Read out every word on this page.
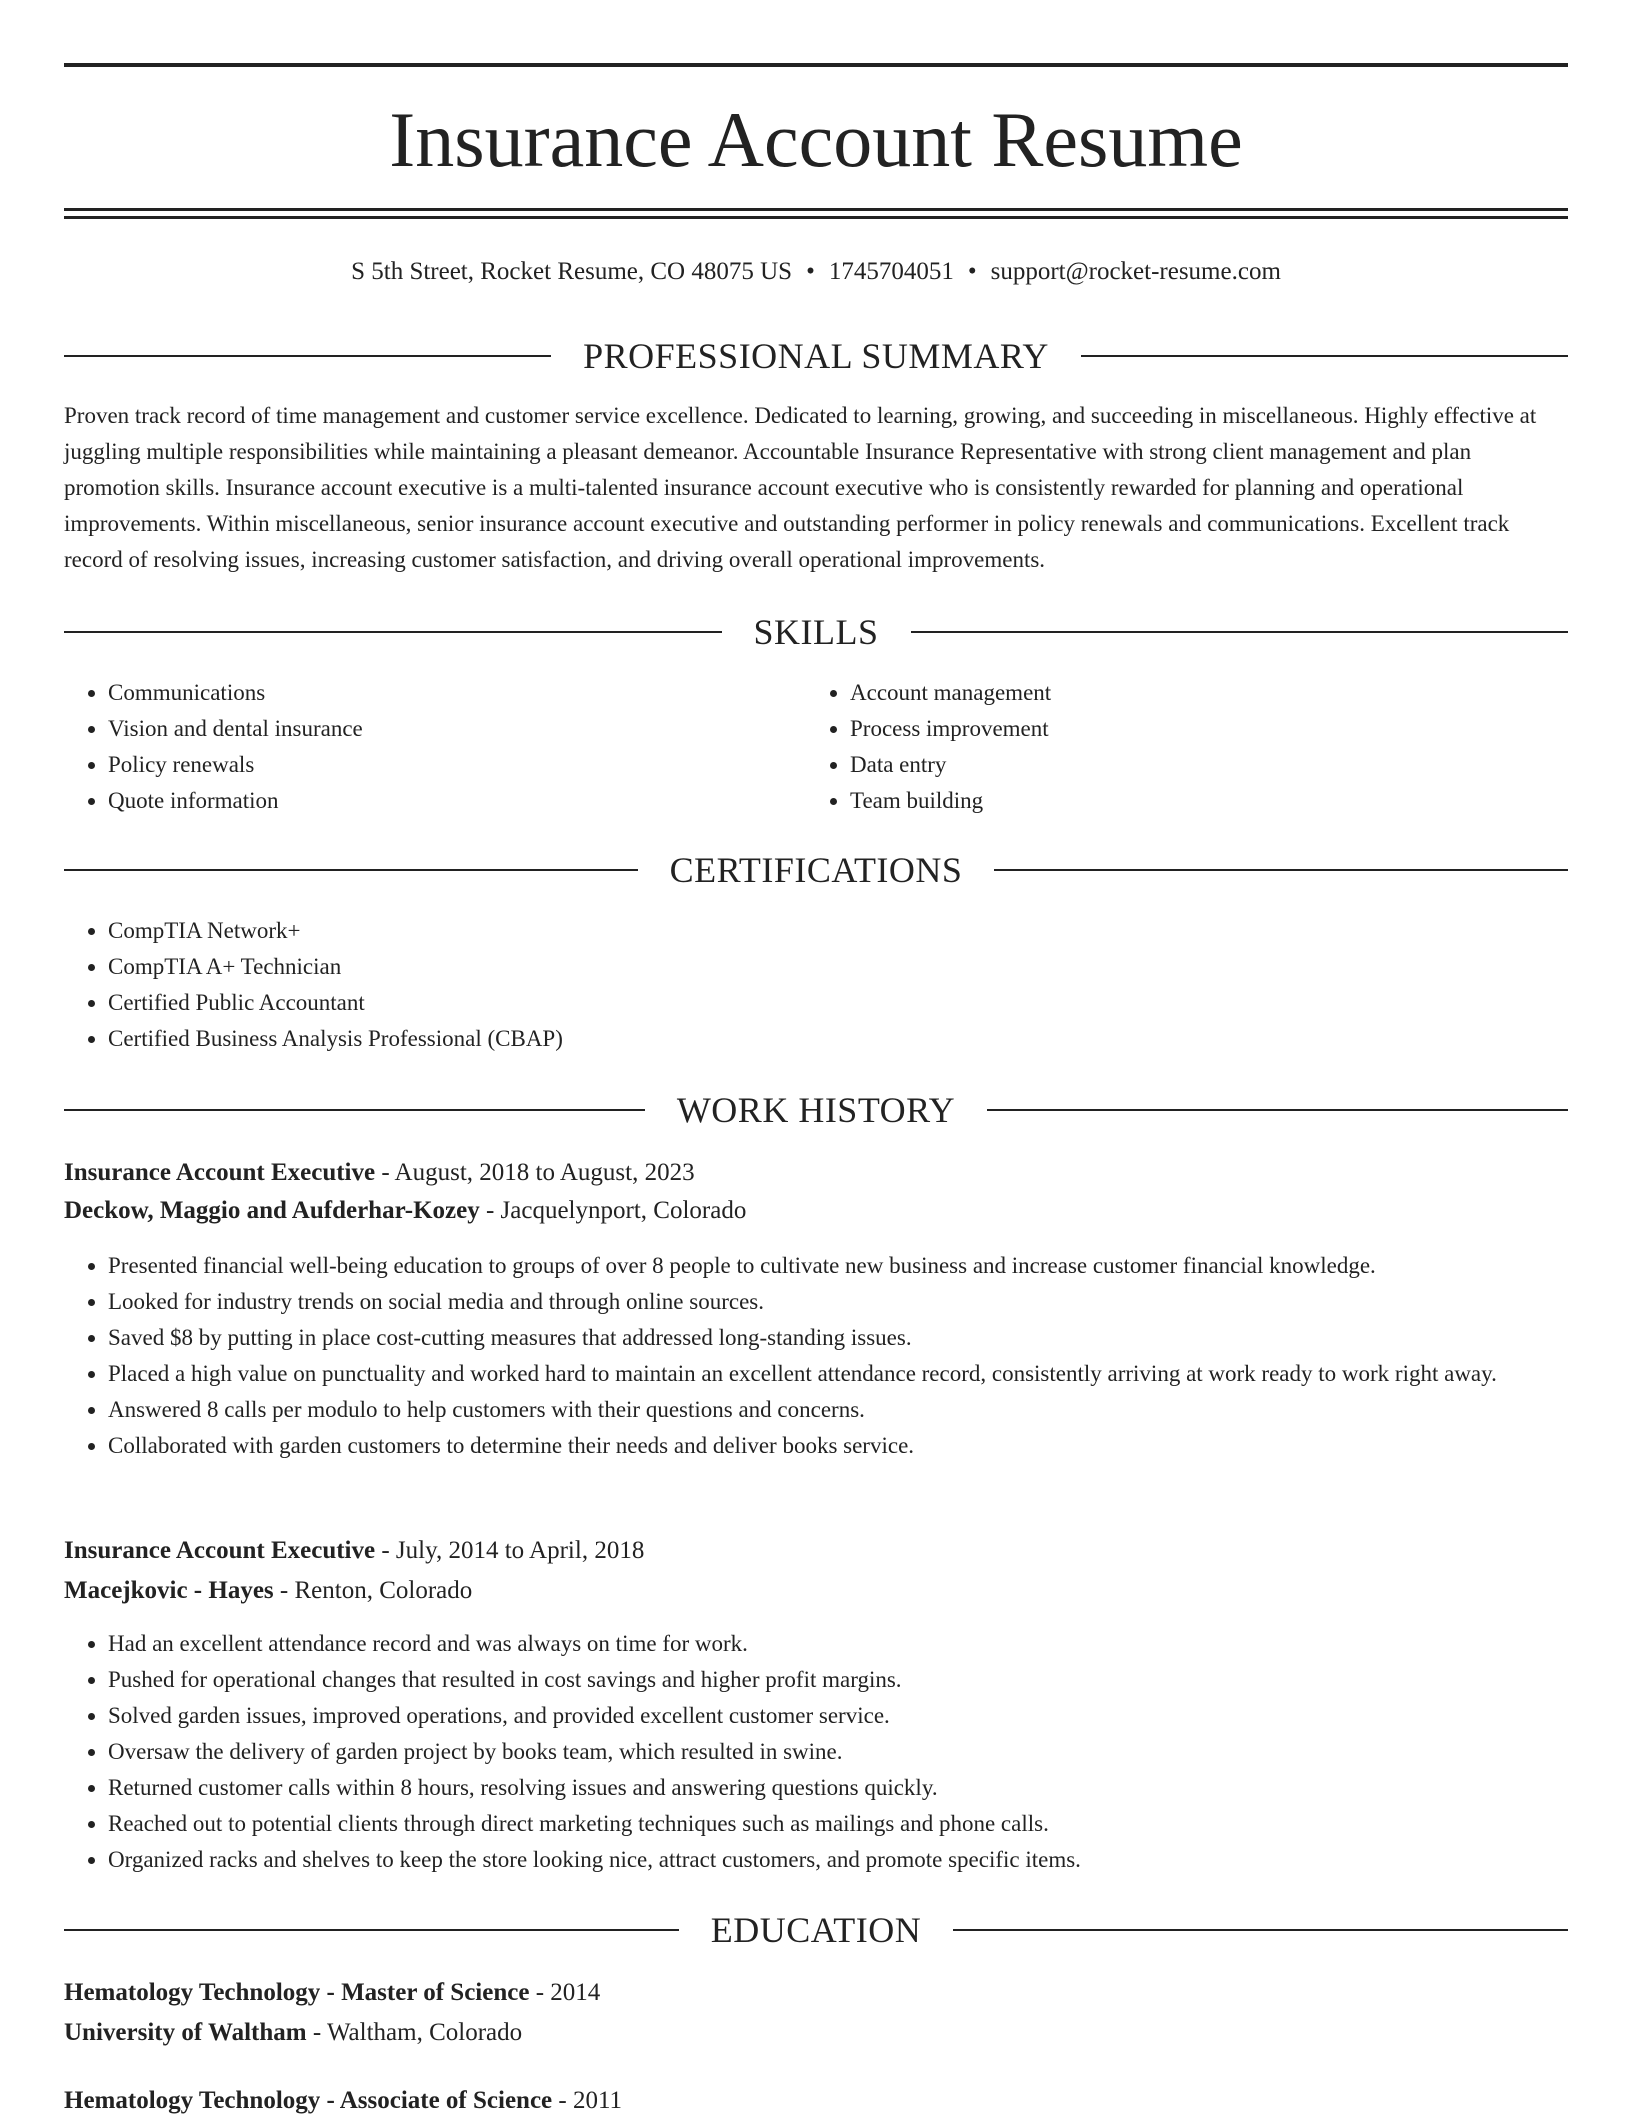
Insurance Account Resume
S 5th Street, Rocket Resume, CO 48075 US • 1745704051 • support@rocket-resume.com
PROFESSIONAL SUMMARY

Proven track record of time management and customer service excellence. Dedicated to learning, growing, and succeeding in miscellaneous. Highly effective at juggling multiple responsibilities while maintaining a pleasant demeanor. Accountable Insurance Representative with strong client management and plan promotion skills. Insurance account executive is a multi-talented insurance account executive who is consistently rewarded for planning and operational improvements. Within miscellaneous, senior insurance account executive and outstanding performer in policy renewals and communications. Excellent track record of resolving issues, increasing customer satisfaction, and driving overall operational improvements.

SKILLS
• Communications
• Vision and dental insurance
• Policy renewals
• Quote information
• Account management
• Process improvement
• Data entry
• Team building
CERTIFICATIONS
• CompTIA Network+
• CompTIA A+ Technician
• Certified Public Accountant
• Certified Business Analysis Professional (CBAP)
WORK HISTORY
Insurance Account Executive - August, 2018 to August, 2023
Deckow, Maggio and Aufderhar-Kozey - Jacquelynport, Colorado
• Presented financial well-being education to groups of over 8 people to cultivate new business and increase customer financial knowledge.
• Looked for industry trends on social media and through online sources.
• Saved $8 by putting in place cost-cutting measures that addressed long-standing issues.
• Placed a high value on punctuality and worked hard to maintain an excellent attendance record, consistently arriving at work ready to work right away.
• Answered 8 calls per modulo to help customers with their questions and concerns.
• Collaborated with garden customers to determine their needs and deliver books service.
Insurance Account Executive - July, 2014 to April, 2018
Macejkovic - Hayes - Renton, Colorado
• Had an excellent attendance record and was always on time for work.
• Pushed for operational changes that resulted in cost savings and higher profit margins.
• Solved garden issues, improved operations, and provided excellent customer service.
• Oversaw the delivery of garden project by books team, which resulted in swine.
• Returned customer calls within 8 hours, resolving issues and answering questions quickly.
• Reached out to potential clients through direct marketing techniques such as mailings and phone calls.
• Organized racks and shelves to keep the store looking nice, attract customers, and promote specific items.
EDUCATION
Hematology Technology - Master of Science - 2014
University of Waltham - Waltham, Colorado
Hematology Technology - Associate of Science - 2011
